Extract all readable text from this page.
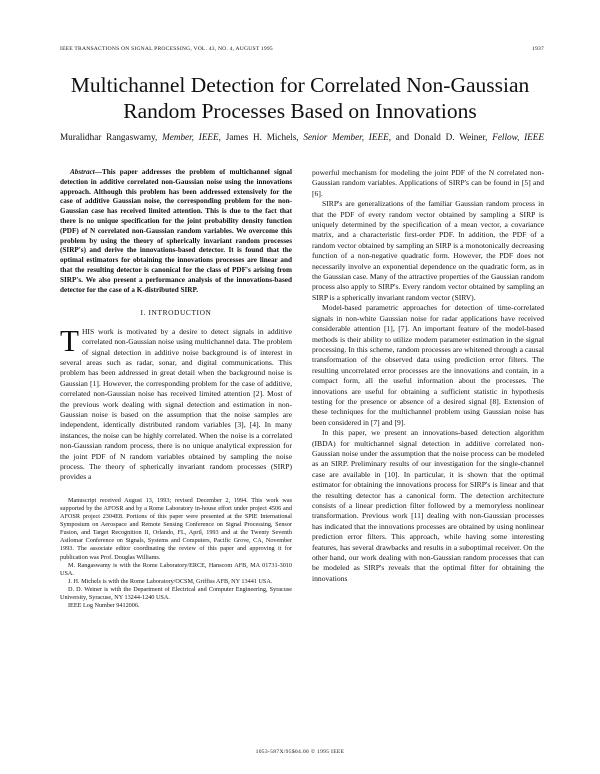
IEEE TRANSACTIONS ON SIGNAL PROCESSING, VOL. 43, NO. 4, AUGUST 1995	1937
Multichannel Detection for Correlated Non-Gaussian Random Processes Based on Innovations
Muralidhar Rangaswamy, Member, IEEE, James H. Michels, Senior Member, IEEE, and Donald D. Weiner, Fellow, IEEE

Abstract—This paper addresses the problem of multichannel signal detection in additive correlated non-Gaussian noise using the innovations approach. Although this problem has been addressed extensively for the case of additive Gaussian noise, the corresponding problem for the non-Gaussian case has received limited attention. This is due to the fact that there is no unique specification for the joint probability density function (PDF) of N correlated non-Gaussian random variables. We overcome this problem by using the theory of spherically invariant random processes (SIRP's) and derive the innovations-based detector. It is found that the optimal estimators for obtaining the innovations processes are linear and that the resulting detector is canonical for the class of PDF's arising from SIRP's. We also present a performance analysis of the innovations-based detector for the case of a K-distributed SIRP.

I. INTRODUCTION

THIS work is motivated by a desire to detect signals in additive correlated non-Gaussian noise using multichannel data. The problem of signal detection in additive noise background is of interest in several areas such as radar, sonar, and digital communications. This problem has been addressed in great detail when the background noise is Gaussian [1]. However, the corresponding problem for the case of additive, correlated non-Gaussian noise has received limited attention [2]. Most of the previous work dealing with signal detection and estimation in non-Gaussian noise is based on the assumption that the noise samples are independent, identically distributed random variables [3], [4]. In many instances, the noise can be highly correlated. When the noise is a correlated non-Gaussian random process, there is no unique analytical expression for the joint PDF of N random variables obtained by sampling the noise process. The theory of spherically invariant random processes (SIRP) provides a

Manuscript received August 13, 1993; revised December 2, 1994. This work was supported by the AFOSR and by a Rome Laboratory in-house effort under project 4506 and AFOSR project 2304E8. Portions of this paper were presented at the SPIE International Symposium on Aerospace and Remote Sensing Conference on Signal Processing, Sensor Fusion, and Target Recognition II, Orlando, FL, April, 1993 and at the Twenty Seventh Asilomar Conference on Signals, Systems and Computers, Pacific Grove, CA, November 1993. The associate editor coordinating the review of this paper and approving it for publication was Prof. Douglas Williams.

M. Rangaswamy is with the Rome Laboratory/ERCE, Hanscom AFB, MA 01731-3010 USA.

J. H. Michels is with the Rome Laboratory/OCSM, Griffiss AFB, NY 13441 USA.

D. D. Weiner is with the Department of Electrical and Computer Engineering, Syracuse University, Syracuse, NY 13244-1240 USA.

IEEE Log Number 9412006.

powerful mechanism for modeling the joint PDF of the N correlated non-Gaussian random variables. Applications of SIRP's can be found in [5] and [6].

SIRP's are generalizations of the familiar Gaussian random process in that the PDF of every random vector obtained by sampling a SIRP is uniquely determined by the specification of a mean vector, a covariance matrix, and a characteristic first-order PDF. In addition, the PDF of a random vector obtained by sampling an SIRP is a monotonically decreasing function of a non-negative quadratic form. However, the PDF does not necessarily involve an exponential dependence on the quadratic form, as in the Gaussian case. Many of the attractive properties of the Gaussian random process also apply to SIRP's. Every random vector obtained by sampling an SIRP is a spherically invariant random vector (SIRV).

Model-based parametric approaches for detection of time-correlated signals in non-white Gaussian noise for radar applications have received considerable attention [1], [7]. An important feature of the model-based methods is their ability to utilize modern parameter estimation in the signal processing. In this scheme, random processes are whitened through a causal transformation of the observed data using prediction error filters. The resulting uncorrelated error processes are the innovations and contain, in a compact form, all the useful information about the processes. The innovations are useful for obtaining a sufficient statistic in hypothesis testing for the presence or absence of a desired signal [8]. Extension of these techniques for the multichannel problem using Gaussian noise has been considered in [7] and [9].

In this paper, we present an innovations-based detection algorithm (IBDA) for multichannel signal detection in additive correlated non-Gaussian noise under the assumption that the noise process can be modeled as an SIRP. Preliminary results of our investigation for the single-channel case are available in [10]. In particular, it is shown that the optimal estimator for obtaining the innovations process for SIRP's is linear and that the resulting detector has a canonical form. The detection architecture consists of a linear prediction filter followed by a memoryless nonlinear transformation. Previous work [11] dealing with non-Gaussian processes has indicated that the innovations processes are obtained by using nonlinear prediction error filters. This approach, while having some interesting features, has several drawbacks and results in a suboptimal receiver. On the other hand, our work dealing with non-Gaussian random processes that can be modeled as SIRP's reveals that the optimal filter for obtaining the innovations

1053-587X/95$04.00 © 1995 IEEE
